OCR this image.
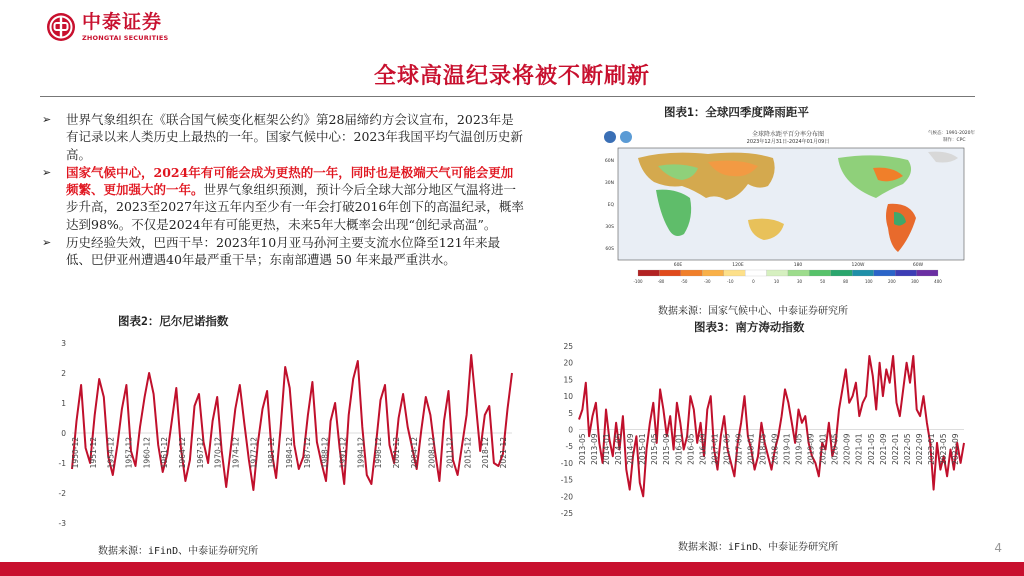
中泰证券
ZHONGTAI SECURITIES
全球高温纪录将被不断刷新
➢	世界气象组织在《联合国气候变化框架公约》第28届缔约方会议宣布，2023年是有记录以来人类历史上最热的一年。国家气候中心：2023年我国平均气温创历史新高。
➢	国家气候中心，2024年有可能会成为更热的一年，同时也是极端天气可能会更加频繁、更加强大的一年。世界气象组织预测，预计今后全球大部分地区气温将进一步升高，2023至2027年这五年内至少有一年会打破2016年创下的高温纪录，概率达到98%。不仅是2024年有可能更热，未来5年大概率会出现“创纪录高温”。
➢	历史经验失效，巴西干旱：2023年10月亚马孙河主要支流水位降至121年来最低、巴伊亚州遭遇40年最严重干旱；东南部遭遇 50 年来最严重洪水。
图表1：全球四季度降雨距平
全球降水距平百分率分布图
2023年12月31日-2024年01月09日
气候态：1991-2020年
制作：CPC
60N
30N
EQ
30S
60S
60E	120E	180	120W	60W
-100	-80	-50	-30	-10	0	10	30	50	80	100	200	300	400
数据来源：国家气候中心、中泰证券研究所
图表2：尼尔尼诺指数
-3
-2
-1
0
1
2
3
1950-12 1951-12 1954-12 1957-12 1960-12 1961-12 1964-12 1967-12 1970-12 1974-12 1977-12 1981-12 1984-12 1987-12 1988-12 1991-12 1994-12 1998-12 2001-12 2004-12 2008-12 2011-12 2015-12 2018-12 2021-12
数据来源：iFinD、中泰证券研究所
图表3：南方涛动指数
-25
-20
-15
-10
-5
0
5
10
15
20
25
2013-05 2013-09 2014-01 2014-05 2014-09 2015-01 2015-05 2015-09 2016-01 2016-05 2016-09 2017-01 2017-05 2017-09 2018-01 2018-05 2018-09 2019-01 2019-05 2019-09 2020-01 2020-05 2020-09 2021-01 2021-05 2021-09 2022-01 2022-05 2022-09 2023-01 2023-05 2023-09
数据来源：iFinD、中泰证券研究所	4
